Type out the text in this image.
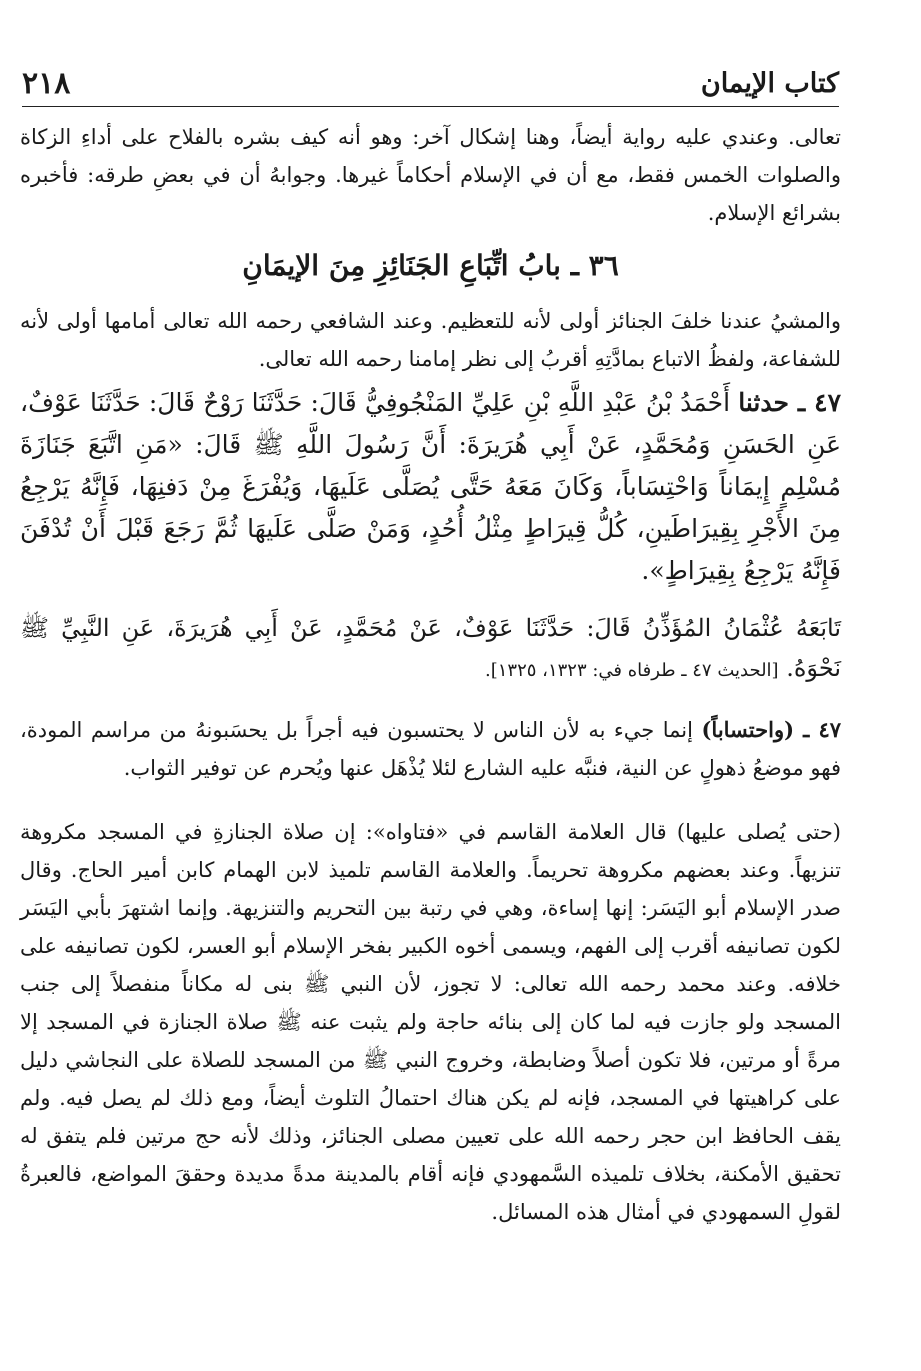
كتاب الإيمان
٢١٨

تعالى. وعندي عليه رواية أيضاً، وهنا إشكال آخر: وهو أنه كيف بشره بالفلاح على أداءِ الزكاة والصلوات الخمس فقط، مع أن في الإسلام أحكاماً غيرها. وجوابهُ أن في بعضِ طرقه: فأخبره بشرائع الإسلام.

٣٦ ـ بابُ اتِّبَاعِ الجَنَائِزِ مِنَ الإيمَانِ

والمشيُ عندنا خلفَ الجنائز أولى لأنه للتعظيم. وعند الشافعي رحمه الله تعالى أمامها أولى لأنه للشفاعة، ولفظُ الاتباع بمادَّتِهِ أقربُ إلى نظر إمامنا رحمه الله تعالى.

٤٧ ـ حدثنا أَحْمَدُ بْنُ عَبْدِ اللَّهِ بْنِ عَلِيِّ المَنْجُوفِيُّ قَالَ: حَدَّثَنَا رَوْحٌ قَالَ: حَدَّثَنَا عَوْفٌ، عَنِ الحَسَنِ وَمُحَمَّدٍ، عَنْ أَبِي هُرَيرَةَ: أَنَّ رَسُولَ اللَّهِ ﷺ قَالَ: «مَنِ اتَّبَعَ جَنَازَةَ مُسْلِمٍ إِيمَاناً وَاحْتِسَاباً، وَكَانَ مَعَهُ حَتَّى يُصَلَّى عَلَيهَا، وَيُفْرَغَ مِنْ دَفنِهَا، فَإِنَّهُ يَرْجِعُ مِنَ الأَجْرِ بِقِيرَاطَينِ، كُلُّ قِيرَاطٍ مِثْلُ أُحُدٍ، وَمَنْ صَلَّى عَلَيهَا ثُمَّ رَجَعَ قَبْلَ أَنْ تُدْفَنَ فَإِنَّهُ يَرْجِعُ بِقِيرَاطٍ».

تَابَعَهُ عُثْمَانُ المُؤَذِّنُ قَالَ: حَدَّثَنَا عَوْفٌ، عَنْ مُحَمَّدٍ، عَنْ أَبِي هُرَيرَةَ، عَنِ النَّبِيِّ ﷺ نَحْوَهُ. [الحديث ٤٧ ـ طرفاه في: ١٣٢٣، ١٣٢٥].

٤٧ ـ (واحتساباً) إنما جيء به لأن الناس لا يحتسبون فيه أجراً بل يحسَبونهُ من مراسم المودة، فهو موضعُ ذهولٍ عن النية، فنبَّه عليه الشارع لئلا يُذْهَل عنها ويُحرم عن توفير الثواب.

(حتى يُصلى عليها) قال العلامة القاسم في «فتاواه»: إن صلاة الجنازةِ في المسجد مكروهة تنزيهاً. وعند بعضهم مكروهة تحريماً. والعلامة القاسم تلميذ لابن الهمام كابن أمير الحاج. وقال صدر الإسلام أبو اليَسَر: إنها إساءة، وهي في رتبة بين التحريم والتنزيهة. وإنما اشتهرَ بأبي اليَسَر لكون تصانيفه أقرب إلى الفهم، ويسمى أخوه الكبير بفخر الإسلام أبو العسر، لكون تصانيفه على خلافه. وعند محمد رحمه الله تعالى: لا تجوز، لأن النبي ﷺ بنى له مكاناً منفصلاً إلى جنب المسجد ولو جازت فيه لما كان إلى بنائه حاجة ولم يثبت عنه ﷺ صلاة الجنازة في المسجد إلا مرةً أو مرتين، فلا تكون أصلاً وضابطة، وخروج النبي ﷺ من المسجد للصلاة على النجاشي دليل على كراهيتها في المسجد، فإنه لم يكن هناك احتمالُ التلوث أيضاً، ومع ذلك لم يصل فيه. ولم يقف الحافظ ابن حجر رحمه الله على تعيين مصلى الجنائز، وذلك لأنه حج مرتين فلم يتفق له تحقيق الأمكنة، بخلاف تلميذه السَّمهودي فإنه أقام بالمدينة مدةً مديدة وحققَ المواضع، فالعبرةُ لقولِ السمهودي في أمثال هذه المسائل.
